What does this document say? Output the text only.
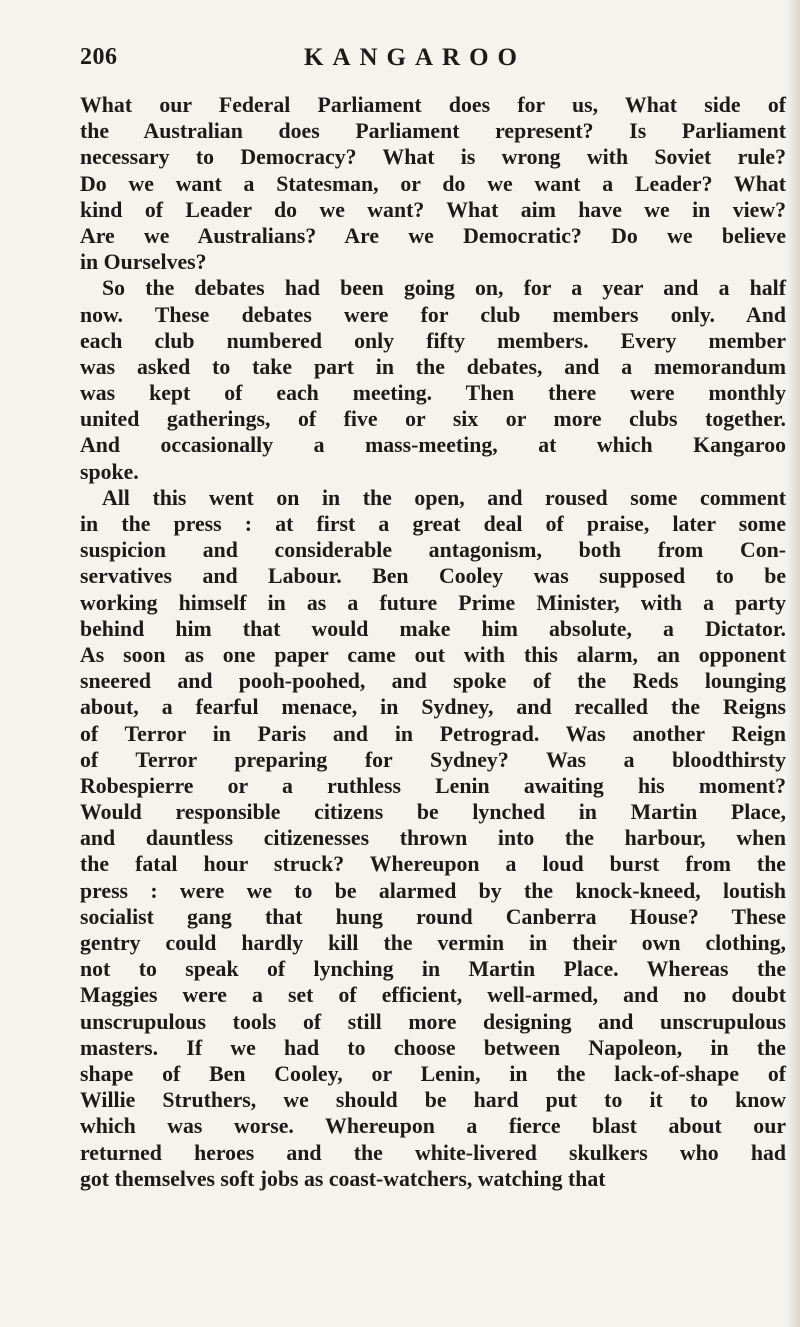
206	KANGAROO
What our Federal Parliament does for us, What side of
the Australian does Parliament represent? Is Parliament
necessary to Democracy? What is wrong with Soviet rule?
Do we want a Statesman, or do we want a Leader? What
kind of Leader do we want? What aim have we in view?
Are we Australians? Are we Democratic? Do we believe
in Ourselves?
So the debates had been going on, for a year and a half
now. These debates were for club members only. And
each club numbered only fifty members. Every member
was asked to take part in the debates, and a memorandum
was kept of each meeting. Then there were monthly
united gatherings, of five or six or more clubs together.
And occasionally a mass-meeting, at which Kangaroo
spoke.
All this went on in the open, and roused some comment
in the press : at first a great deal of praise, later some
suspicion and considerable antagonism, both from Con-
servatives and Labour. Ben Cooley was supposed to be
working himself in as a future Prime Minister, with a party
behind him that would make him absolute, a Dictator.
As soon as one paper came out with this alarm, an opponent
sneered and pooh-poohed, and spoke of the Reds lounging
about, a fearful menace, in Sydney, and recalled the Reigns
of Terror in Paris and in Petrograd. Was another Reign
of Terror preparing for Sydney? Was a bloodthirsty
Robespierre or a ruthless Lenin awaiting his moment?
Would responsible citizens be lynched in Martin Place,
and dauntless citizenesses thrown into the harbour, when
the fatal hour struck? Whereupon a loud burst from the
press : were we to be alarmed by the knock-kneed, loutish
socialist gang that hung round Canberra House? These
gentry could hardly kill the vermin in their own clothing,
not to speak of lynching in Martin Place. Whereas the
Maggies were a set of efficient, well-armed, and no doubt
unscrupulous tools of still more designing and unscrupulous
masters. If we had to choose between Napoleon, in the
shape of Ben Cooley, or Lenin, in the lack-of-shape of
Willie Struthers, we should be hard put to it to know
which was worse. Whereupon a fierce blast about our
returned heroes and the white-livered skulkers who had
got themselves soft jobs as coast-watchers, watching that
